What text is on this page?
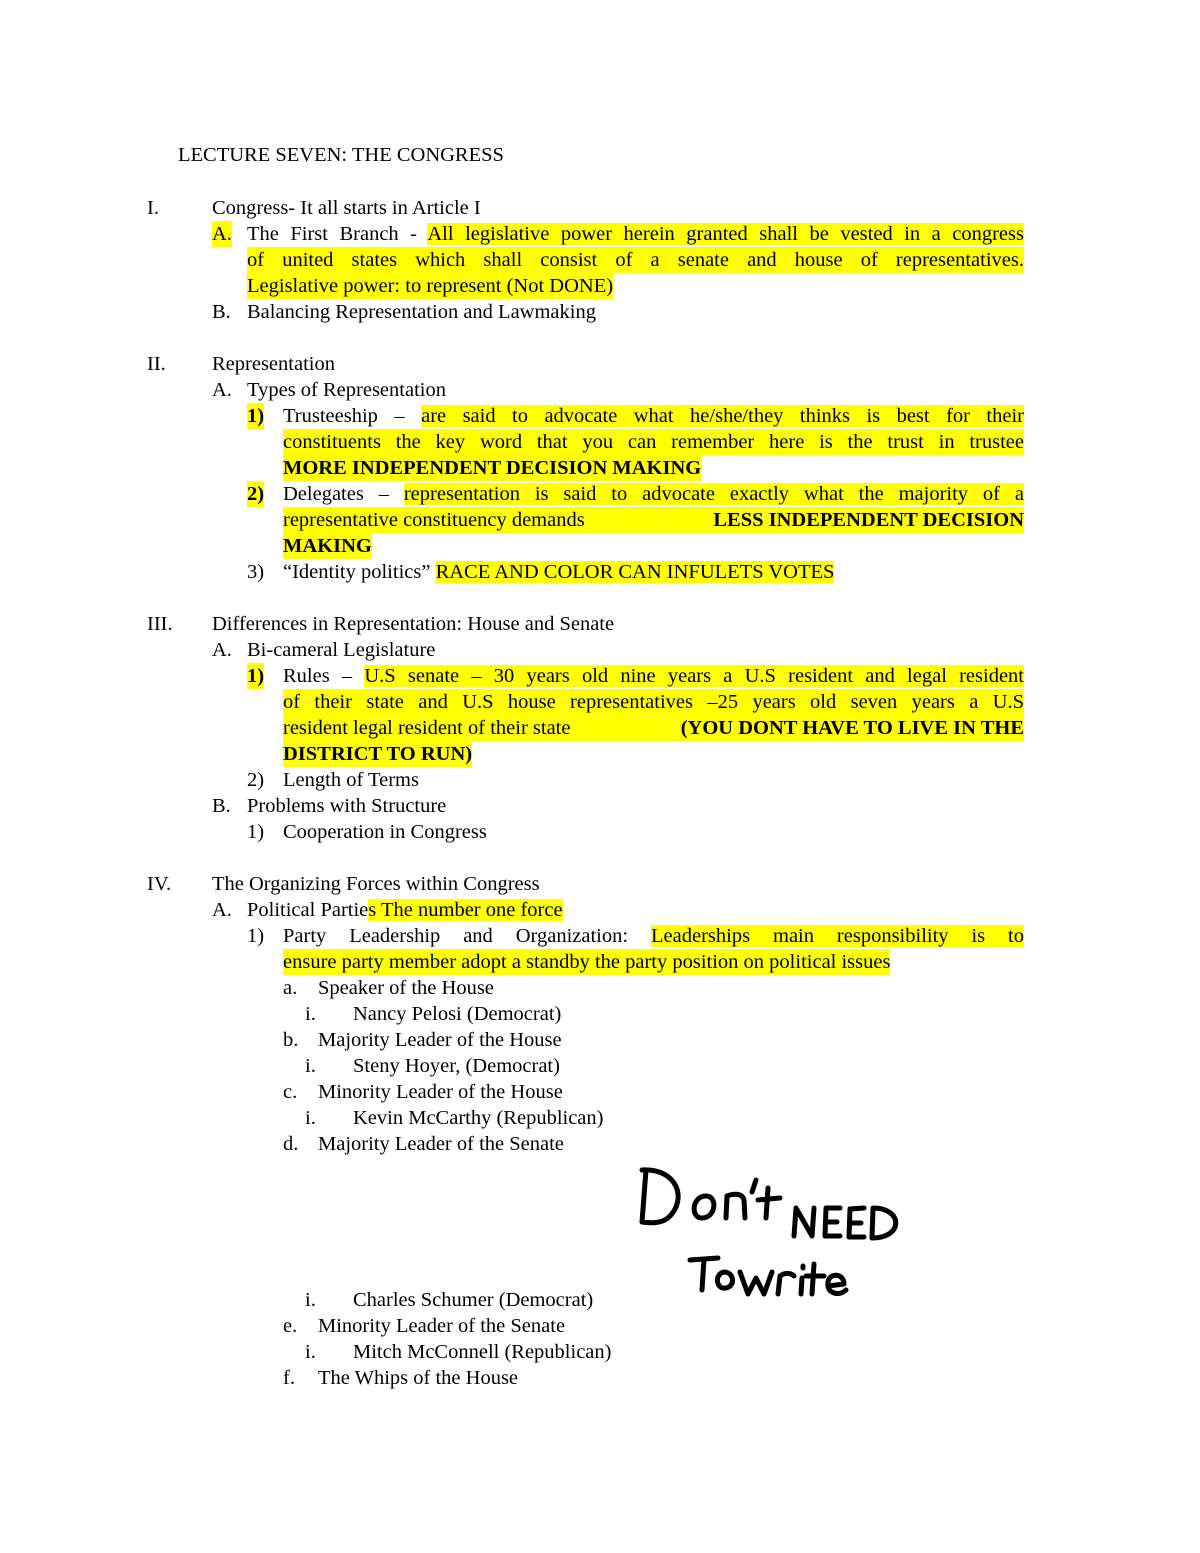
LECTURE SEVEN: THE CONGRESS
I.	Congress- It all starts in Article I
A. The First Branch - All legislative power herein granted shall be vested in a congress
of united states which shall consist of a senate and house of representatives.
Legislative power: to represent (Not DONE)
B. Balancing Representation and Lawmaking
II. Representation
A. Types of Representation
1) Trusteeship – are said to advocate what he/she/they thinks is best for their
constituents the key word that you can remember here is the trust in trustee
MORE INDEPENDENT DECISION MAKING
2) Delegates – representation is said to advocate exactly what the majority of a
representative constituency demands	LESS INDEPENDENT DECISION
MAKING
3) “Identity politics” RACE AND COLOR CAN INFULETS VOTES
III. Differences in Representation: House and Senate
A. Bi-cameral Legislature
1) Rules – U.S senate – 30 years old nine years a U.S resident and legal resident
of their state and U.S house representatives –25 years old seven years a U.S
resident legal resident of their state	(YOU DONT HAVE TO LIVE IN THE
DISTRICT TO RUN)
2) Length of Terms
B. Problems with Structure
1) Cooperation in Congress
IV. The Organizing Forces within Congress
A. Political Parties The number one force
1) Party Leadership and Organization: Leaderships main responsibility is to
ensure party member adopt a standby the party position on political issues
a. Speaker of the House
i. Nancy Pelosi (Democrat)
b. Majority Leader of the House
i. Steny Hoyer, (Democrat)
c. Minority Leader of the House
i. Kevin McCarthy (Republican)
d. Majority Leader of the Senate
i. Charles Schumer (Democrat)
e. Minority Leader of the Senate
i. Mitch McConnell (Republican)
f. The Whips of the House
